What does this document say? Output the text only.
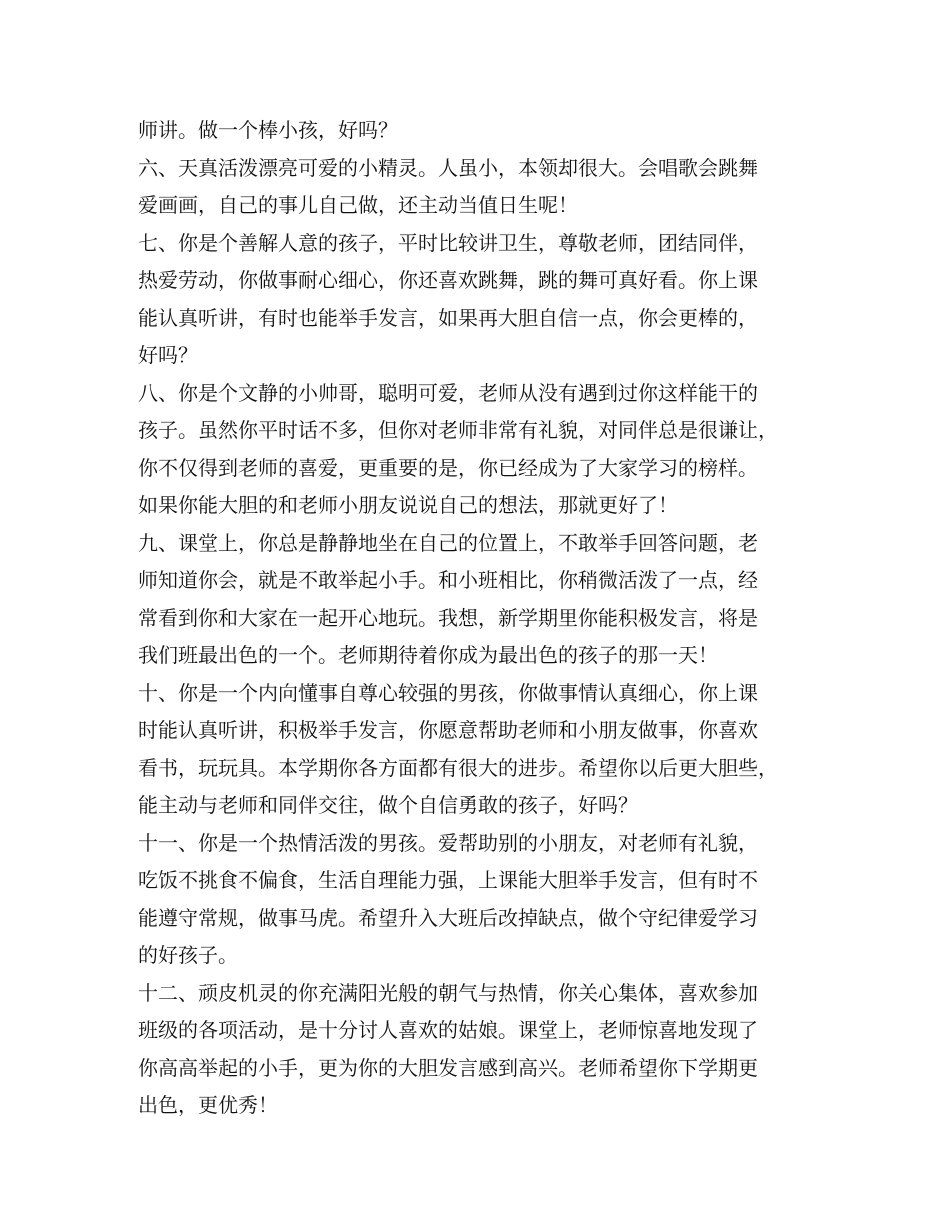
师讲。做一个棒小孩，好吗？

六、天真活泼漂亮可爱的小精灵。人虽小，本领却很大。会唱歌会跳舞
爱画画，自己的事儿自己做，还主动当值日生呢！

七、你是个善解人意的孩子，平时比较讲卫生，尊敬老师，团结同伴，
热爱劳动，你做事耐心细心，你还喜欢跳舞，跳的舞可真好看。你上课
能认真听讲，有时也能举手发言，如果再大胆自信一点，你会更棒的，
好吗？

八、你是个文静的小帅哥，聪明可爱，老师从没有遇到过你这样能干的
孩子。虽然你平时话不多，但你对老师非常有礼貌，对同伴总是很谦让，
你不仅得到老师的喜爱，更重要的是，你已经成为了大家学习的榜样。
如果你能大胆的和老师小朋友说说自己的想法，那就更好了！

九、课堂上，你总是静静地坐在自己的位置上，不敢举手回答问题，老
师知道你会，就是不敢举起小手。和小班相比，你稍微活泼了一点，经
常看到你和大家在一起开心地玩。我想，新学期里你能积极发言，将是
我们班最出色的一个。老师期待着你成为最出色的孩子的那一天！

十、你是一个内向懂事自尊心较强的男孩，你做事情认真细心，你上课
时能认真听讲，积极举手发言，你愿意帮助老师和小朋友做事，你喜欢
看书，玩玩具。本学期你各方面都有很大的进步。希望你以后更大胆些，
能主动与老师和同伴交往，做个自信勇敢的孩子，好吗？

十一、你是一个热情活泼的男孩。爱帮助别的小朋友，对老师有礼貌，
吃饭不挑食不偏食，生活自理能力强，上课能大胆举手发言，但有时不
能遵守常规，做事马虎。希望升入大班后改掉缺点，做个守纪律爱学习
的好孩子。

十二、顽皮机灵的你充满阳光般的朝气与热情，你关心集体，喜欢参加
班级的各项活动，是十分讨人喜欢的姑娘。课堂上，老师惊喜地发现了
你高高举起的小手，更为你的大胆发言感到高兴。老师希望你下学期更
出色，更优秀！
